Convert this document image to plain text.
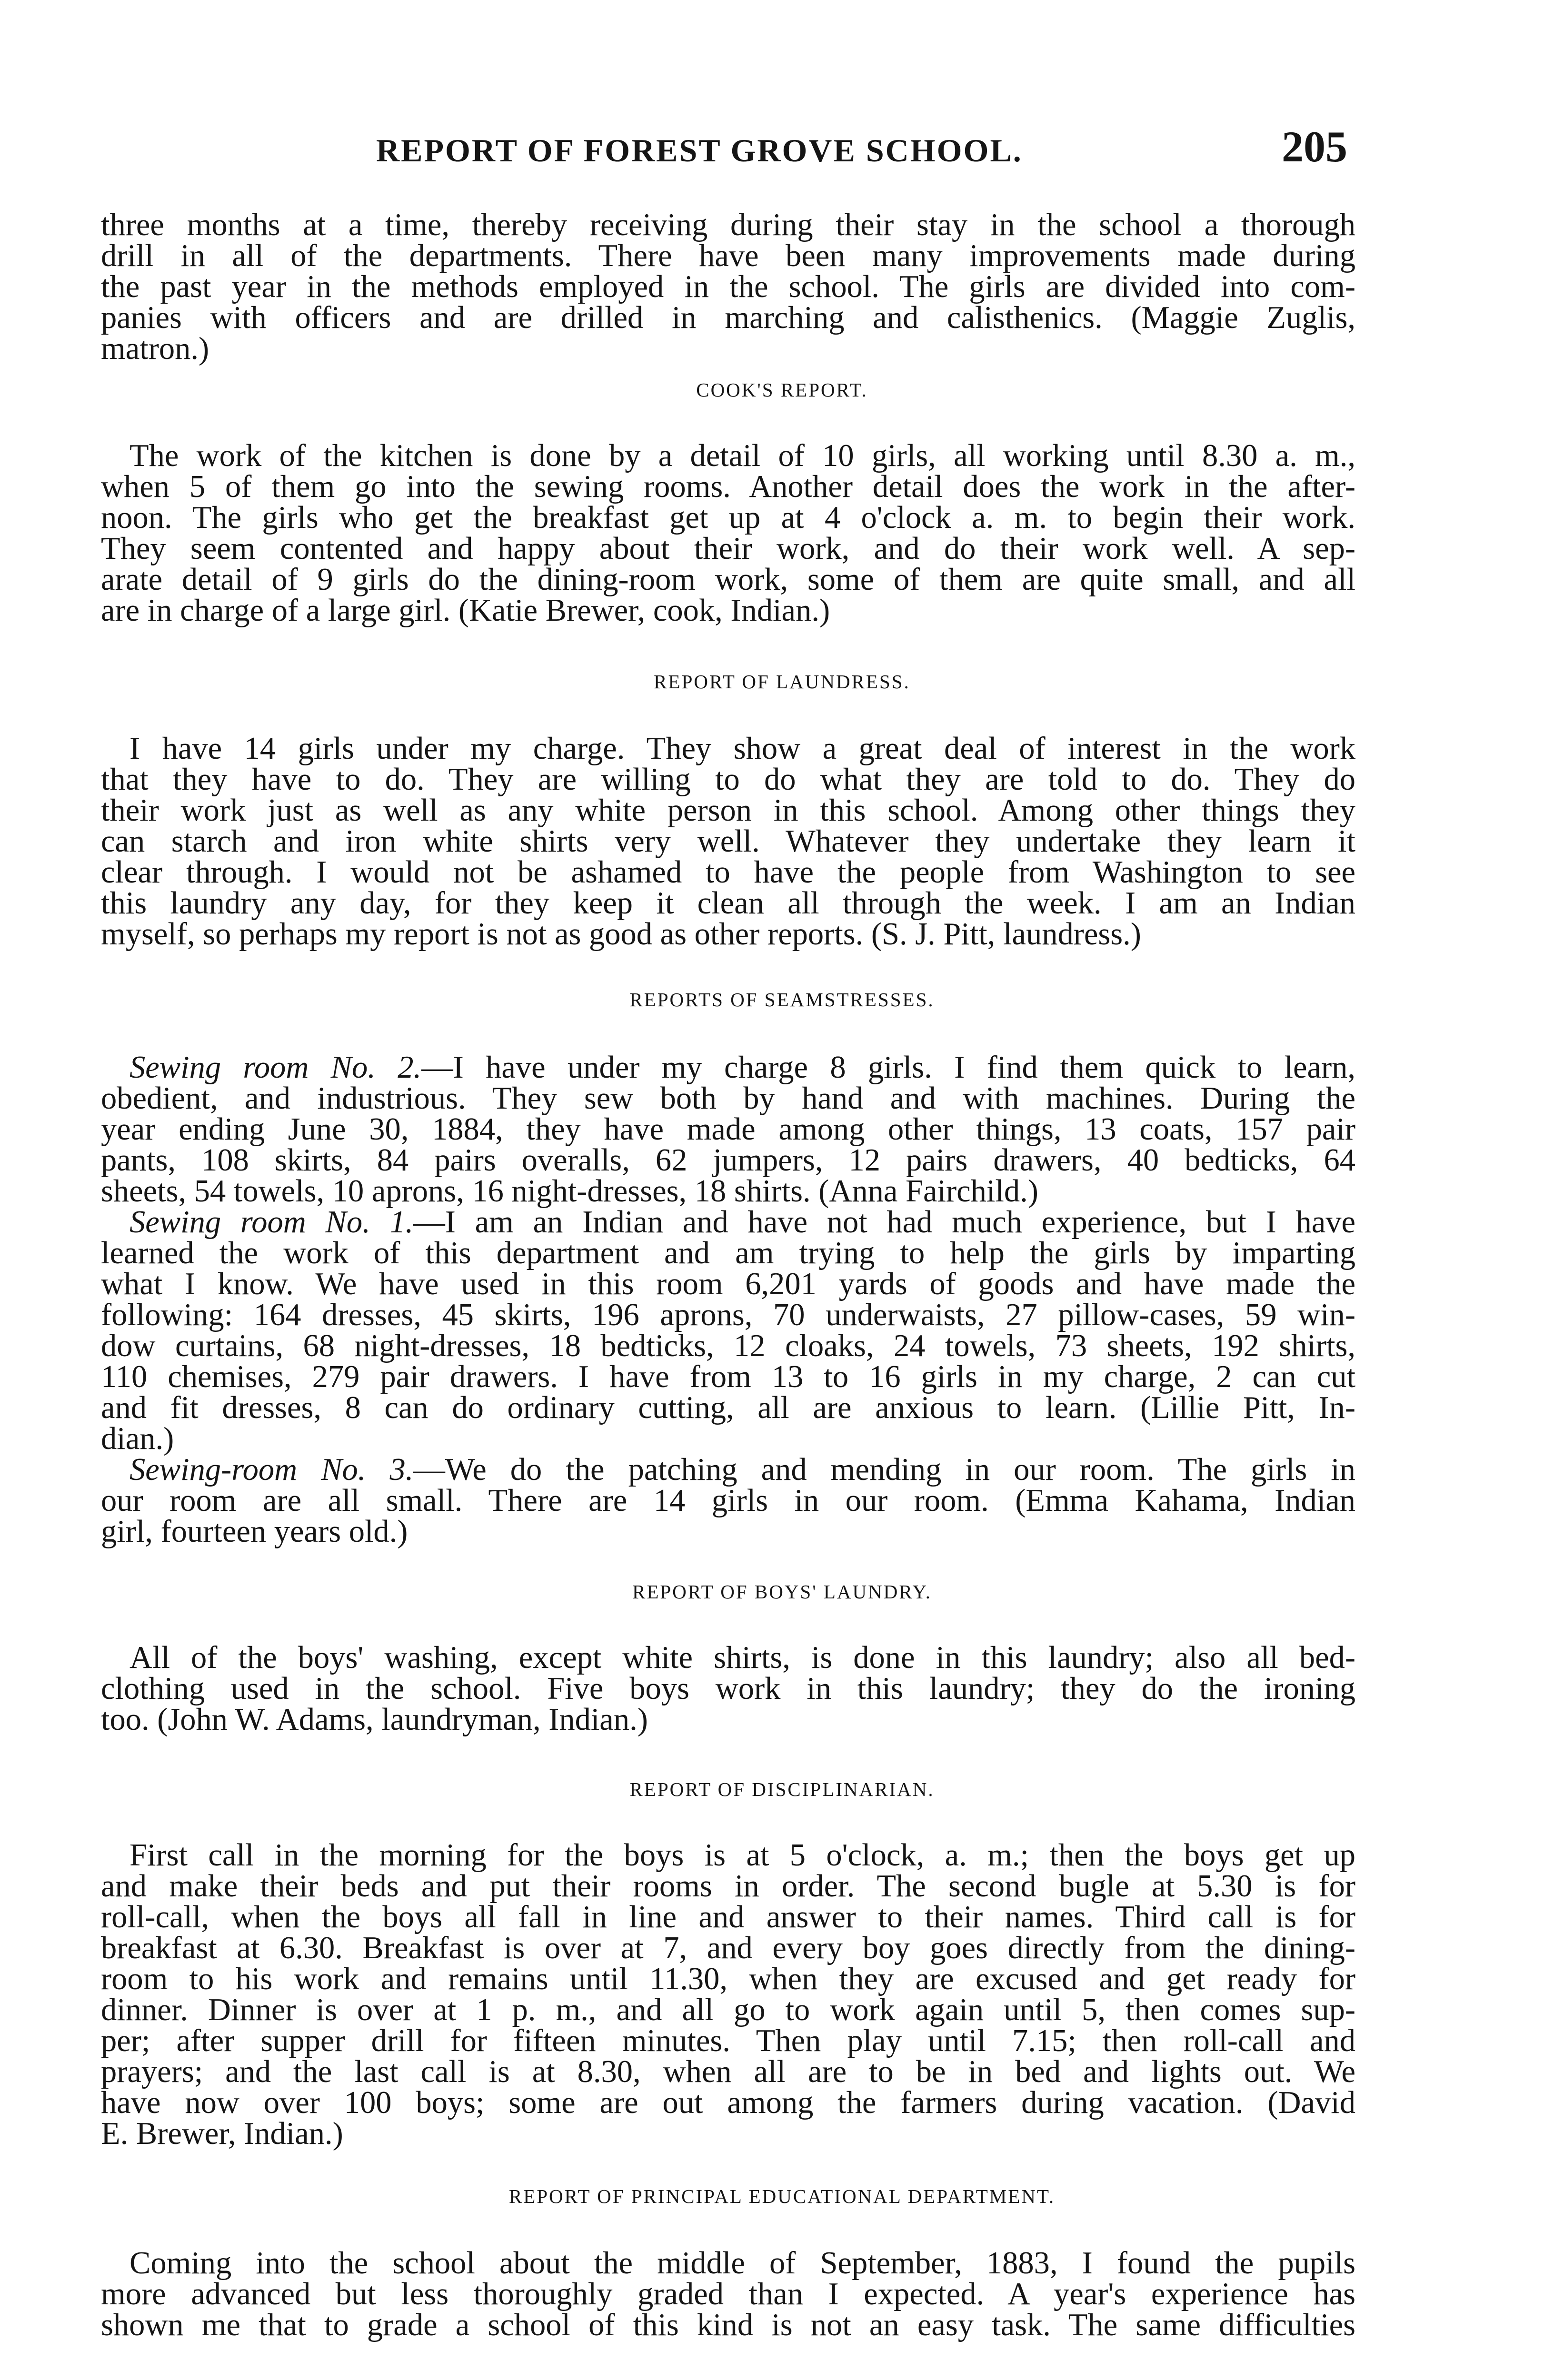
REPORT OF FOREST GROVE SCHOOL.	205
three months at a time, thereby receiving during their stay in the school a thorough
drill in all of the departments. There have been many improvements made during
the past year in the methods employed in the school. The girls are divided into com-
panies with officers and are drilled in marching and calisthenics. (Maggie Zuglis,
matron.)
COOK'S REPORT.
The work of the kitchen is done by a detail of 10 girls, all working until 8.30 a. m.,
when 5 of them go into the sewing rooms. Another detail does the work in the after-
noon. The girls who get the breakfast get up at 4 o'clock a. m. to begin their work.
They seem contented and happy about their work, and do their work well. A sep-
arate detail of 9 girls do the dining-room work, some of them are quite small, and all
are in charge of a large girl. (Katie Brewer, cook, Indian.)
REPORT OF LAUNDRESS.
I have 14 girls under my charge. They show a great deal of interest in the work
that they have to do. They are willing to do what they are told to do. They do
their work just as well as any white person in this school. Among other things they
can starch and iron white shirts very well. Whatever they undertake they learn it
clear through. I would not be ashamed to have the people from Washington to see
this laundry any day, for they keep it clean all through the week. I am an Indian
myself, so perhaps my report is not as good as other reports. (S. J. Pitt, laundress.)
REPORTS OF SEAMSTRESSES.
Sewing room No. 2.—I have under my charge 8 girls. I find them quick to learn,
obedient, and industrious. They sew both by hand and with machines. During the
year ending June 30, 1884, they have made among other things, 13 coats, 157 pair
pants, 108 skirts, 84 pairs overalls, 62 jumpers, 12 pairs drawers, 40 bedticks, 64
sheets, 54 towels, 10 aprons, 16 night-dresses, 18 shirts. (Anna Fairchild.)
Sewing room No. 1.—I am an Indian and have not had much experience, but I have
learned the work of this department and am trying to help the girls by imparting
what I know. We have used in this room 6,201 yards of goods and have made the
following: 164 dresses, 45 skirts, 196 aprons, 70 underwaists, 27 pillow-cases, 59 win-
dow curtains, 68 night-dresses, 18 bedticks, 12 cloaks, 24 towels, 73 sheets, 192 shirts,
110 chemises, 279 pair drawers. I have from 13 to 16 girls in my charge, 2 can cut
and fit dresses, 8 can do ordinary cutting, all are anxious to learn. (Lillie Pitt, In-
dian.)
Sewing-room No. 3.—We do the patching and mending in our room. The girls in
our room are all small. There are 14 girls in our room. (Emma Kahama, Indian
girl, fourteen years old.)
REPORT OF BOYS' LAUNDRY.
All of the boys' washing, except white shirts, is done in this laundry; also all bed-
clothing used in the school. Five boys work in this laundry; they do the ironing
too. (John W. Adams, laundryman, Indian.)
REPORT OF DISCIPLINARIAN.
First call in the morning for the boys is at 5 o'clock, a. m.; then the boys get up
and make their beds and put their rooms in order. The second bugle at 5.30 is for
roll-call, when the boys all fall in line and answer to their names. Third call is for
breakfast at 6.30. Breakfast is over at 7, and every boy goes directly from the dining-
room to his work and remains until 11.30, when they are excused and get ready for
dinner. Dinner is over at 1 p. m., and all go to work again until 5, then comes sup-
per; after supper drill for fifteen minutes. Then play until 7.15; then roll-call and
prayers; and the last call is at 8.30, when all are to be in bed and lights out. We
have now over 100 boys; some are out among the farmers during vacation. (David
E. Brewer, Indian.)
REPORT OF PRINCIPAL EDUCATIONAL DEPARTMENT.
Coming into the school about the middle of September, 1883, I found the pupils
more advanced but less thoroughly graded than I expected. A year's experience has
shown me that to grade a school of this kind is not an easy task. The same difficulties
